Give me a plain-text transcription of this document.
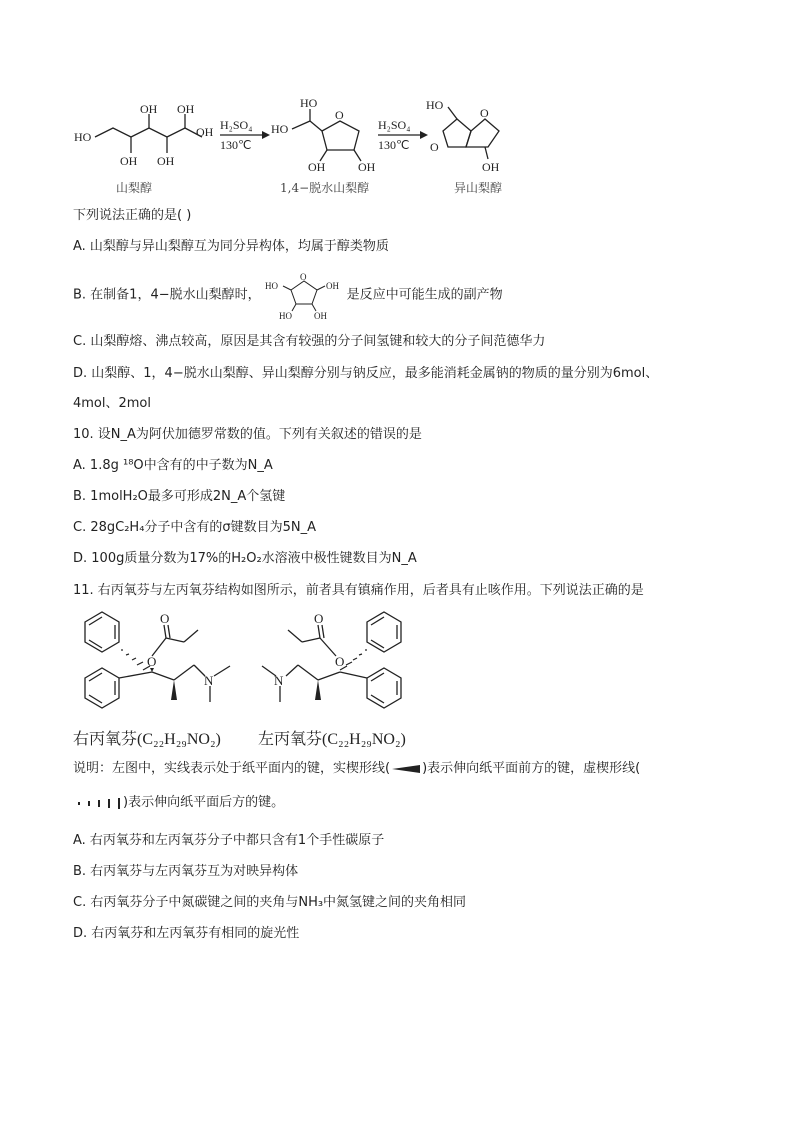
HO
OH OH
OH
OH OH
H₂SO₄
130℃
HO
HO
O
OH	OH
H₂SO₄
130℃
HO
O
O
OH
山梨醇	1,4−脱水山梨醇	异山梨醇
下列说法正确的是( )
A. 山梨醇与异山梨醇互为同分异构体，均属于醇类物质
B. 在制备1，4−脱水山梨醇时，
HO
O
OH
HO OH
是反应中可能生成的副产物
C. 山梨醇熔、沸点较高，原因是其含有较强的分子间氢键和较大的分子间范德华力
D. 山梨醇、1，4−脱水山梨醇、异山梨醇分别与钠反应，最多能消耗金属钠的物质的量分别为6mol、
4mol、2mol
10. 设N_A为阿伏加德罗常数的值。下列有关叙述的错误的是
A. 1.8g ¹⁸O中含有的中子数为N_A
B. 1molH₂O最多可形成2N_A个氢键
C. 28gC₂H₄分子中含有的σ键数目为5N_A
D. 100g质量分数为17%的H₂O₂水溶液中极性键数目为N_A
11. 右丙氧芬与左丙氧芬结构如图所示，前者具有镇痛作用，后者具有止咳作用。下列说法正确的是
O
O
N
O
O
N
右丙氧芬(C₂₂H₂₉NO₂) 左丙氧芬(C₂₂H₂₉NO₂)
说明：左图中，实线表示处于纸平面内的键，实楔形线( )表示伸向纸平面前方的键，虚楔形线(
)表示伸向纸平面后方的键。
A. 右丙氧芬和左丙氧芬分子中都只含有1个手性碳原子
B. 右丙氧芬与左丙氧芬互为对映异构体
C. 右丙氧芬分子中氮碳键之间的夹角与NH₃中氮氢键之间的夹角相同
D. 右丙氧芬和左丙氧芬有相同的旋光性
